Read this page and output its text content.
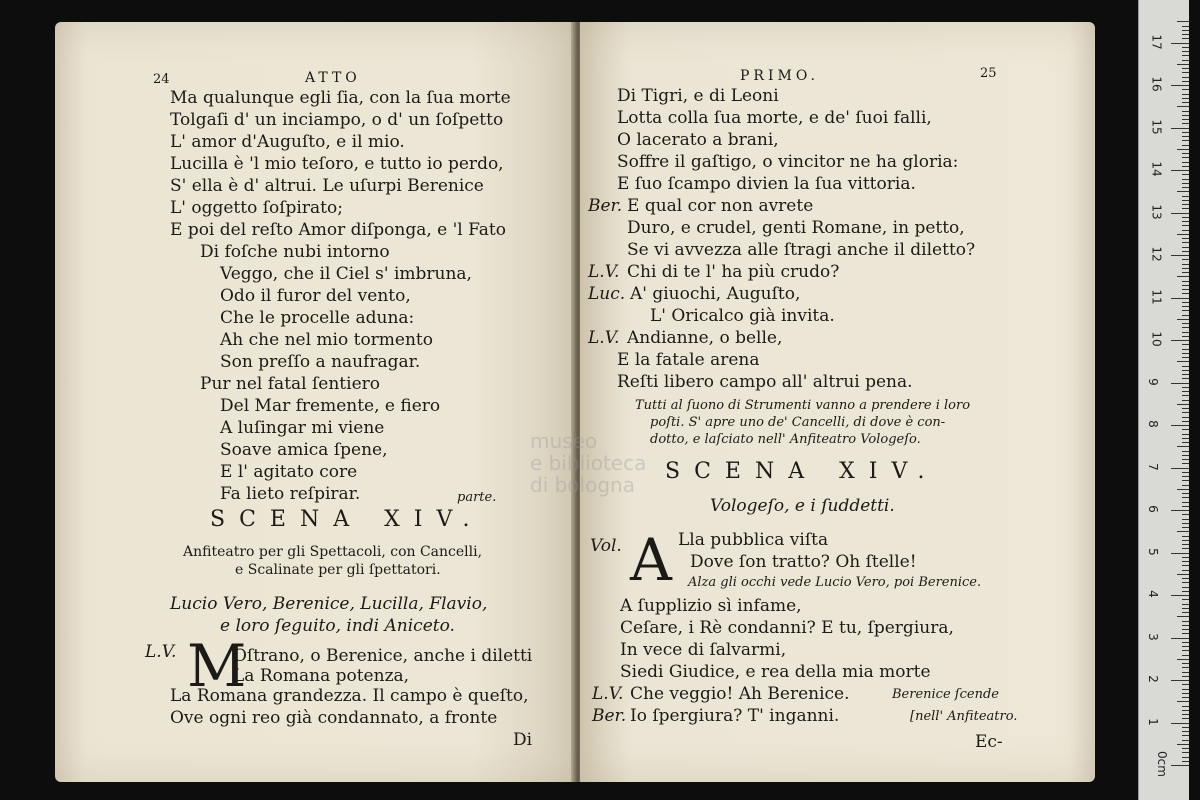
24	ATTO
Ma qualunque egli ſia, con la ſua morte
Tolgaſi d' un inciampo, o d' un ſoſpetto
L' amor d'Auguſto, e il mio.
Lucilla è 'l mio teſoro, e tutto io perdo,
S' ella è d' altrui. Le uſurpi Berenice
L' oggetto ſoſpirato;
E poi del reſto Amor diſponga, e 'l Fato
Di foſche nubi intorno
Veggo, che il Ciel s' imbruna,
Odo il furor del vento,
Che le procelle aduna:
Ah che nel mio tormento
Son preſſo a naufragar.
Pur nel fatal ſentiero
Del Mar fremente, e fiero
A luſingar mi viene
Soave amica ſpene,
E l' agitato core
Fa lieto reſpirar.	parte.
SCENA XIV.
Anfiteatro per gli Spettacoli, con Cancelli,
e Scalinate per gli ſpettatori.
Lucio Vero, Berenice, Lucilla, Flavio,
e loro ſeguito, indi Aniceto.
L.V. M
Oſtrano, o Berenice, anche i diletti
La Romana potenza,
La Romana grandezza. Il campo è queſto,
Ove ogni reo già condannato, a fronte
Di
PRIMO.	25
Di Tigri, e di Leoni
Lotta colla ſua morte, e de' ſuoi falli,
O lacerato a brani,
Soffre il gaſtigo, o vincitor ne ha gloria:
E ſuo ſcampo divien la ſua vittoria.
Ber. E qual cor non avrete
Duro, e crudel, genti Romane, in petto,
Se vi avvezza alle ſtragi anche il diletto?
L.V. Chi di te l' ha più crudo?
Luc. A' giuochi, Auguſto,
L' Oricalco già invita.
L.V. Andianne, o belle,
E la fatale arena
Reſti libero campo all' altrui pena.
Tutti al ſuono di Strumenti vanno a prendere i loro
poſti. S' apre uno de' Cancelli, di dove è con-
dotto, e laſciato nell' Anfiteatro Vologeſo.
SCENA XIV.
Vologeſo, e i ſuddetti.
Vol. A Lla pubblica viſta
Dove ſon tratto? Oh ſtelle!
Alza gli occhi vede Lucio Vero, poi Berenice.
A ſupplizio sì infame,
Ceſare, i Rè condanni? E tu, ſpergiura,
In vece di ſalvarmi,
Siedi Giudice, e rea della mia morte
L.V. Che veggio! Ah Berenice.	Berenice ſcende
Ber. Io ſpergiura? T' inganni.	[nell' Anfiteatro.
Ec-
museo
e biblioteca
di bologna
0cm
1
2
3
4
5
6
7
8
9
10
11
12
13
14
15
16
17
